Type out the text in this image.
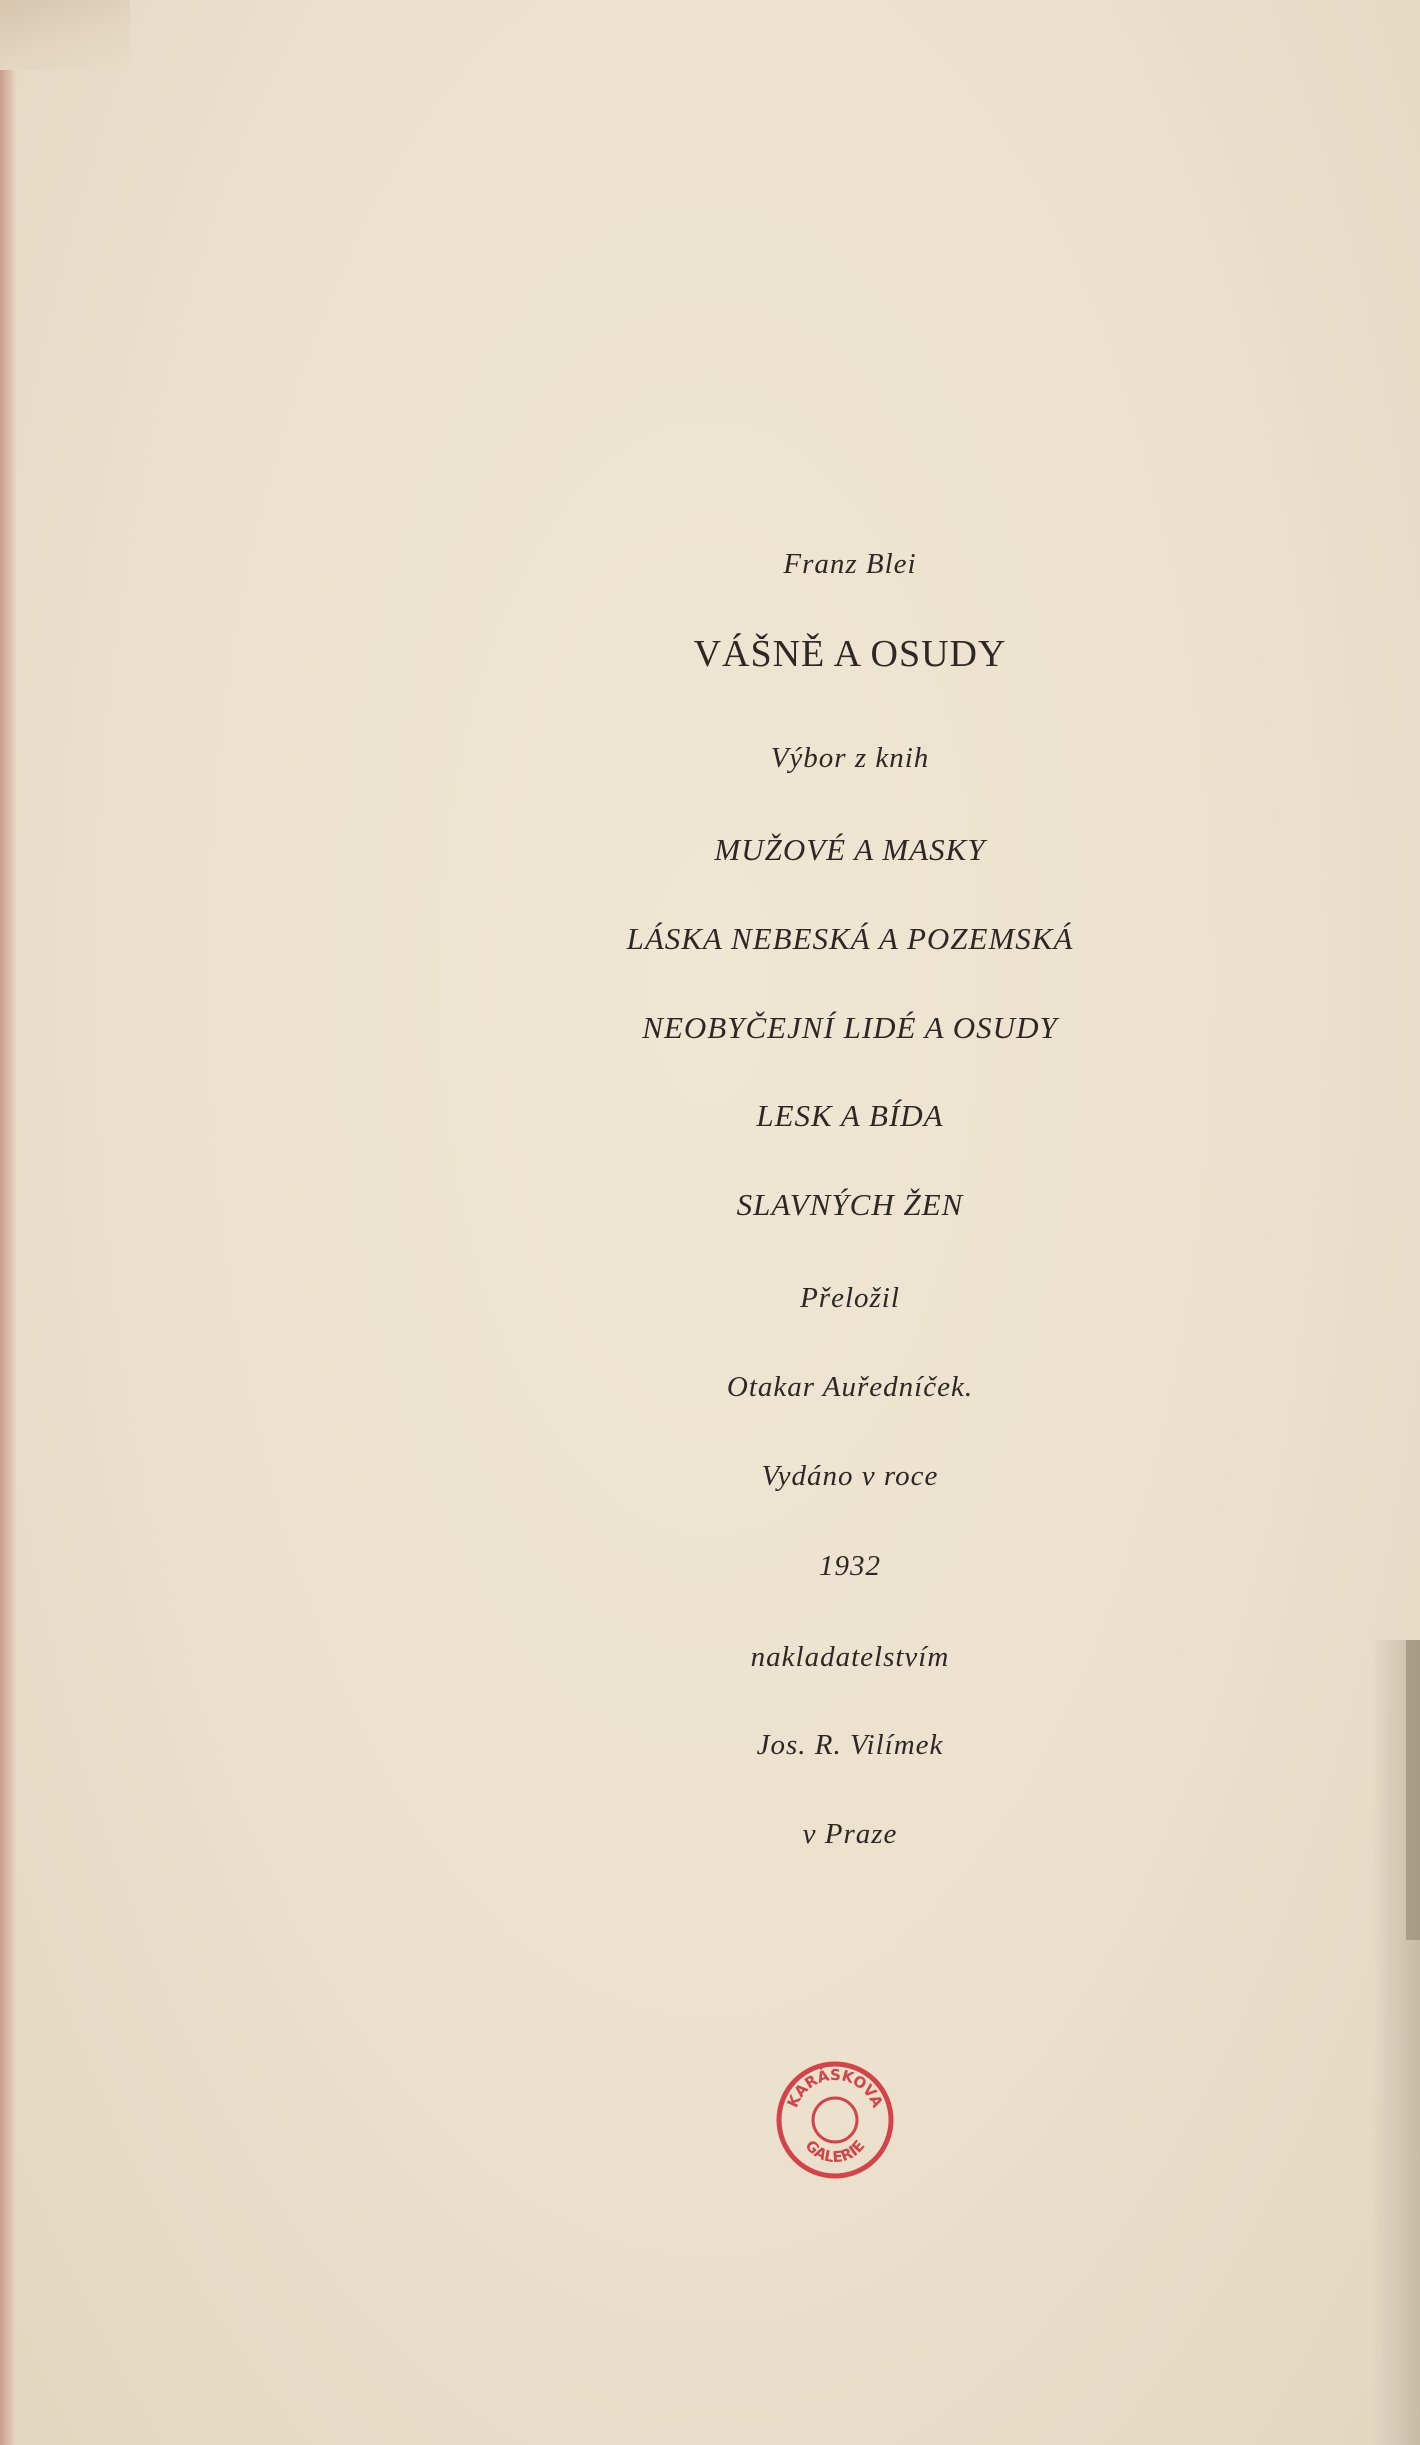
Franz Blei
VÁŠNĚ A OSUDY
Výbor z knih
MUŽOVÉ A MASKY
LÁSKA NEBESKÁ A POZEMSKÁ
NEOBYČEJNÍ LIDÉ A OSUDY
LESK A BÍDA
SLAVNÝCH ŽEN
Přeložil
Otakar Auředníček.
Vydáno v roce
1932
nakladatelstvím
Jos. R. Vilímek
v Praze
KARÁSKOVA
GALERIE
